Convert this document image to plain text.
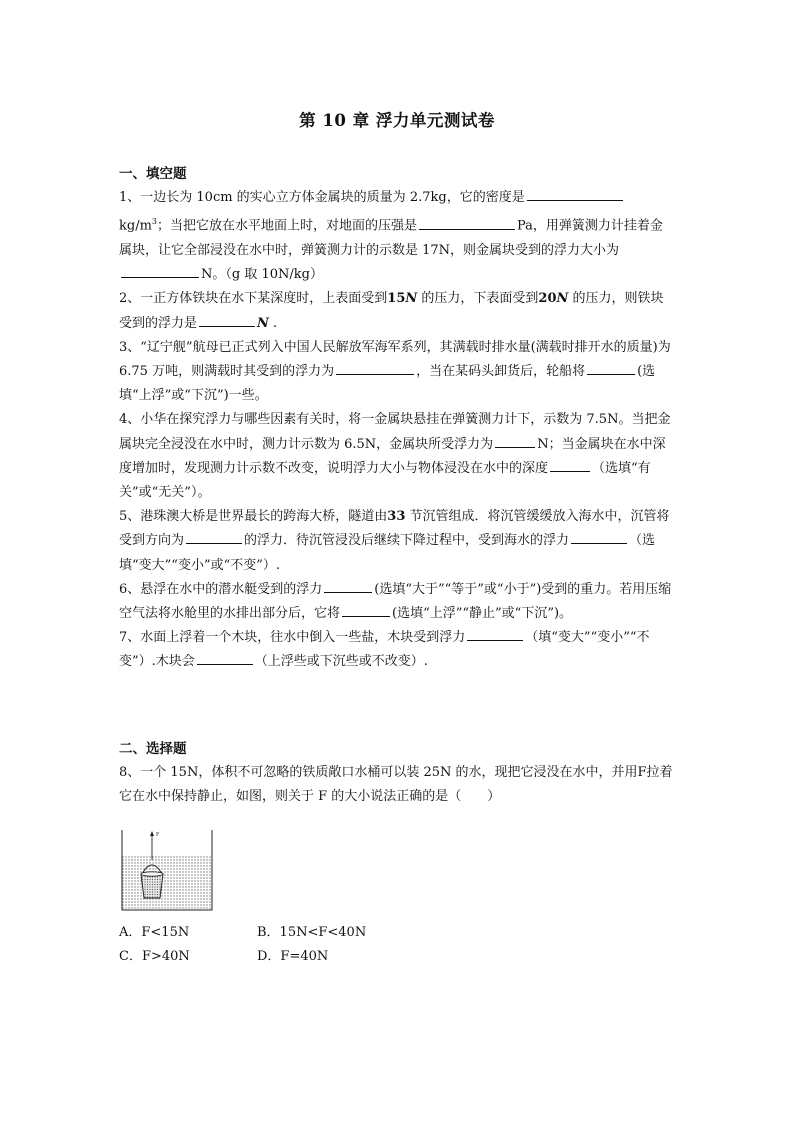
第 10 章 浮力单元测试卷
一、填空题

1、一边长为 10cm 的实心立方体金属块的质量为 2.7kg，它的密度是$kg/m^3$；当把它放在水平地面上时，对地面的压强是	Pa，用弹簧测力计挂着金属块，让它全部浸没在水中时，弹簧测力计的示数是 17N，则金属块受到的浮力大小为N。（g 取 10N/kg）

2、一正方体铁块在水下某深度时，上表面受到15N 的压力，下表面受到20N 的压力，则铁块受到的浮力是	N .

3、“辽宁舰”航母已正式列入中国人民解放军海军系列，其满载时排水量(满载时排开水的质量)为 6.75 万吨，则满载时其受到的浮力为	，当在某码头卸货后，轮船将	(选填“上浮”或“下沉”)一些。

4、小华在探究浮力与哪些因素有关时，将一金属块悬挂在弹簧测力计下，示数为 7.5N。当把金属块完全浸没在水中时，测力计示数为 6.5N，金属块所受浮力为	N；当金属块在水中深度增加时，发现测力计示数不改变，说明浮力大小与物体浸没在水中的深度	（选填“有关”或“无关”）。

5、港珠澳大桥是世界最长的跨海大桥，隧道由33 节沉管组成．将沉管缓缓放入海水中，沉管将受到方向为	的浮力．待沉管浸没后继续下降过程中，受到海水的浮力	（选填“变大”“变小”或“不变”）.

6、悬浮在水中的潜水艇受到的浮力	(选填“大于”“等于”或“小于”)受到的重力。若用压缩空气法将水舱里的水排出部分后，它将	(选填“上浮”“静止”或“下沉”)。

7、水面上浮着一个木块，往水中倒入一些盐，木块受到浮力	（填“变大”“变小”“不变”）.木块会	（上浮些或下沉些或不改变）.

二、选择题

8、一个 15N，体积不可忽略的铁质敞口水桶可以装 25N 的水，现把它浸没在水中，并用F拉着它在水中保持静止，如图，则关于 F 的大小说法正确的是（　　）

F
A．F<15N	B．15N<F<40N
C．F>40N	D．F=40N
